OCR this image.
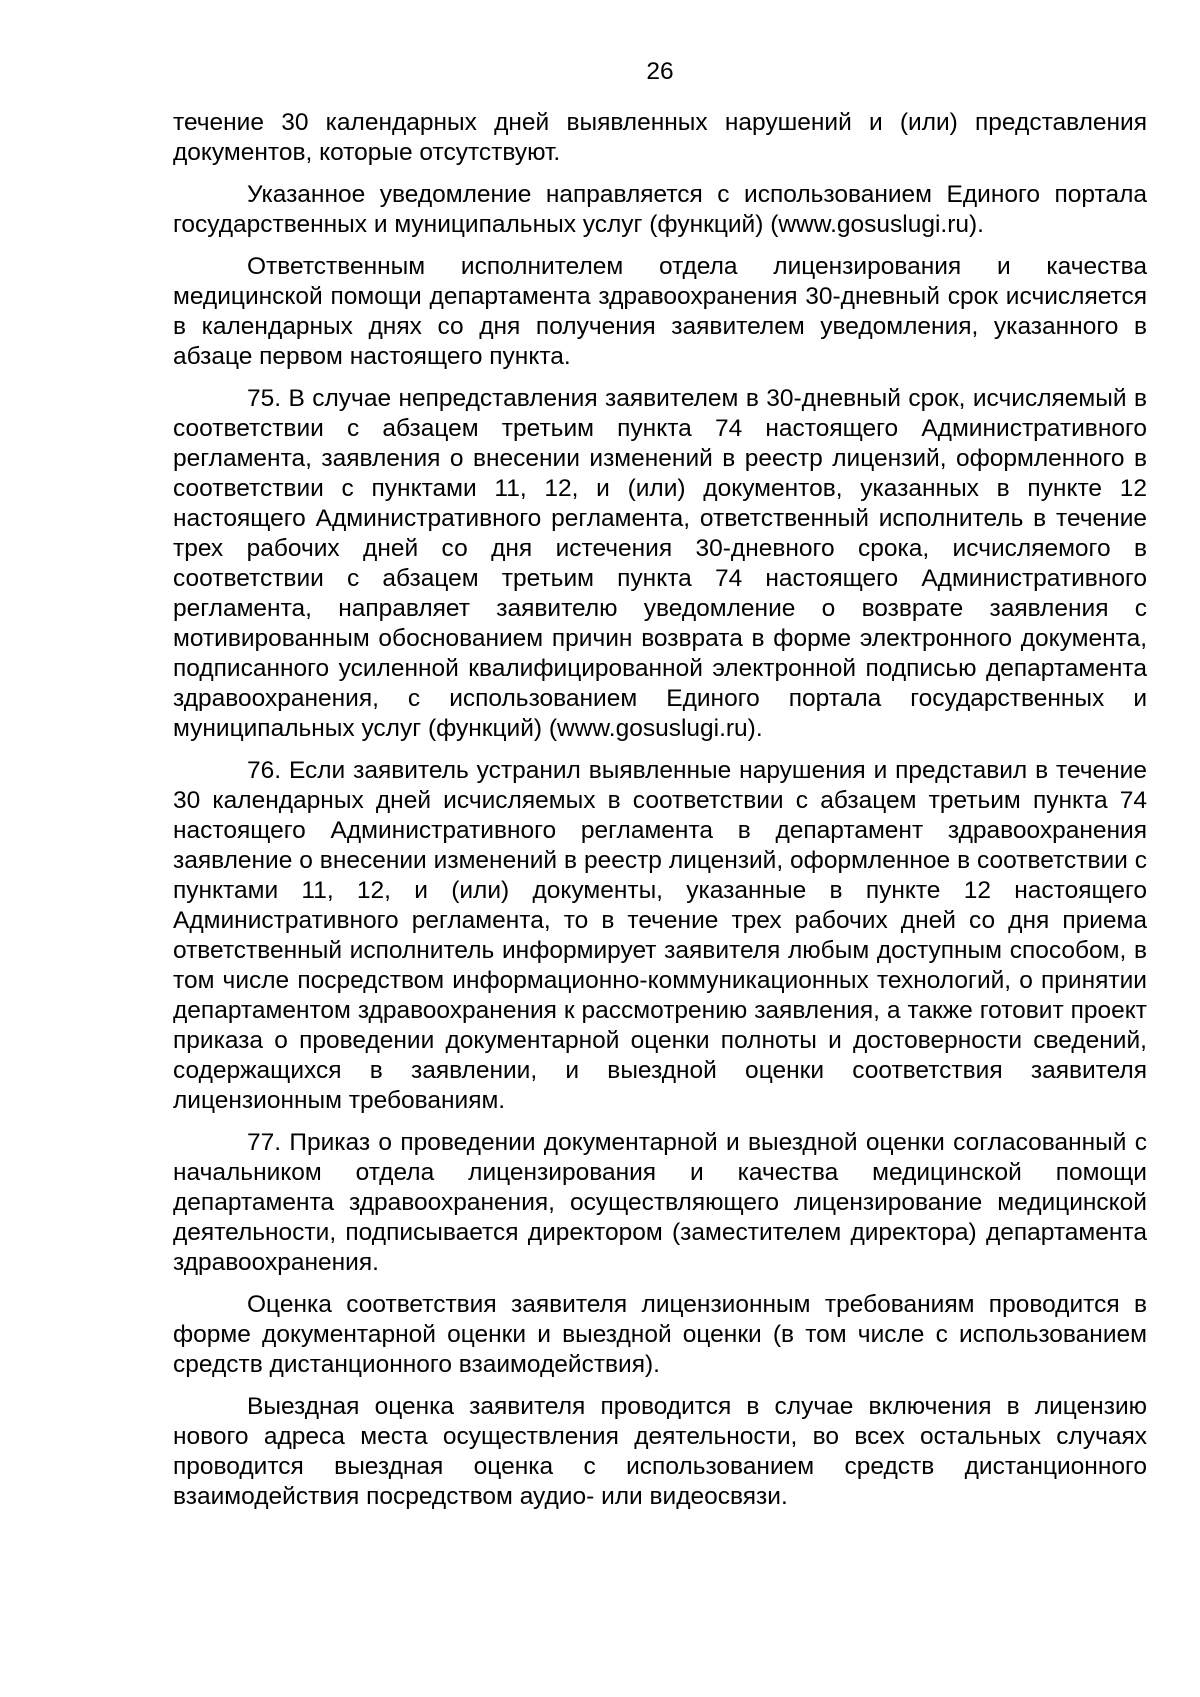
26

течение 30 календарных дней выявленных нарушений и (или) представления документов, которые отсутствуют.

Указанное уведомление направляется с использованием Единого портала государственных и муниципальных услуг (функций) (www.gosuslugi.ru).

Ответственным исполнителем отдела лицензирования и качества медицинской помощи департамента здравоохранения 30-дневный срок исчисляется в календарных днях со дня получения заявителем уведомления, указанного в абзаце первом настоящего пункта.

75. В случае непредставления заявителем в 30-дневный срок, исчисляемый в соответствии с абзацем третьим пункта 74 настоящего Административного регламента, заявления о внесении изменений в реестр лицензий, оформленного в соответствии с пунктами 11, 12, и (или) документов, указанных в пункте 12 настоящего Административного регламента, ответственный исполнитель в течение трех рабочих дней со дня истечения 30-дневного срока, исчисляемого в соответствии с абзацем третьим пункта 74 настоящего Административного регламента, направляет заявителю уведомление о возврате заявления с мотивированным обоснованием причин возврата в форме электронного документа, подписанного усиленной квалифицированной электронной подписью департамента здравоохранения, с использованием Единого портала государственных и муниципальных услуг (функций) (www.gosuslugi.ru).

76. Если заявитель устранил выявленные нарушения и представил в течение 30 календарных дней исчисляемых в соответствии с абзацем третьим пункта 74 настоящего Административного регламента в департамент здравоохранения заявление о внесении изменений в реестр лицензий, оформленное в соответствии с пунктами 11, 12, и (или) документы, указанные в пункте 12 настоящего Административного регламента, то в течение трех рабочих дней со дня приема ответственный исполнитель информирует заявителя любым доступным способом, в том числе посредством информационно-коммуникационных технологий, о принятии департаментом здравоохранения к рассмотрению заявления, а также готовит проект приказа о проведении документарной оценки полноты и достоверности сведений, содержащихся в заявлении, и выездной оценки соответствия заявителя лицензионным требованиям.

77. Приказ о проведении документарной и выездной оценки согласованный с начальником отдела лицензирования и качества медицинской помощи департамента здравоохранения, осуществляющего лицензирование медицинской деятельности, подписывается директором (заместителем директора) департамента здравоохранения.

Оценка соответствия заявителя лицензионным требованиям проводится в форме документарной оценки и выездной оценки (в том числе с использованием средств дистанционного взаимодействия).

Выездная оценка заявителя проводится в случае включения в лицензию нового адреса места осуществления деятельности, во всех остальных случаях проводится выездная оценка с использованием средств дистанционного взаимодействия посредством аудио- или видеосвязи.
